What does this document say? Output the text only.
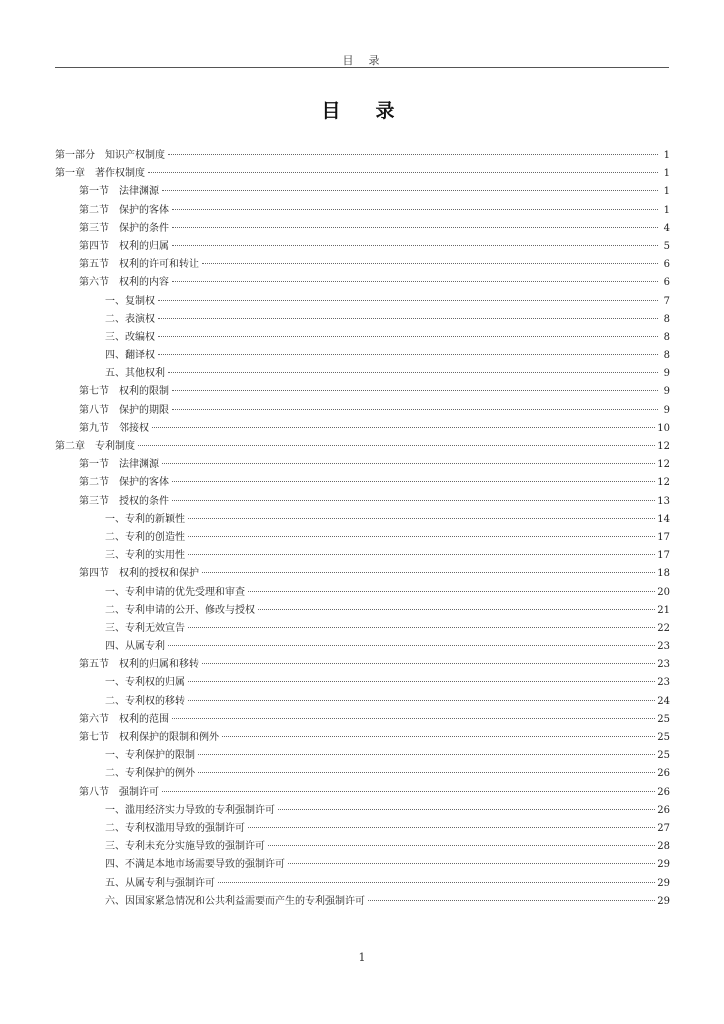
目　录
目　录
第一部分　知识产权制度	1
第一章　著作权制度	1
第一节　法律渊源	1
第二节　保护的客体	1
第三节　保护的条件	4
第四节　权利的归属	5
第五节　权利的许可和转让	6
第六节　权利的内容	6
一、复制权	7
二、表演权	8
三、改编权	8
四、翻译权	8
五、其他权利	9
第七节　权利的限制	9
第八节　保护的期限	9
第九节　邻接权	10
第二章　专利制度	12
第一节　法律渊源	12
第二节　保护的客体	12
第三节　授权的条件	13
一、专利的新颖性	14
二、专利的创造性	17
三、专利的实用性	17
第四节　权利的授权和保护	18
一、专利申请的优先受理和审查	20
二、专利申请的公开、修改与授权	21
三、专利无效宣告	22
四、从属专利	23
第五节　权利的归属和移转	23
一、专利权的归属	23
二、专利权的移转	24
第六节　权利的范围	25
第七节　权利保护的限制和例外	25
一、专利保护的限制	25
二、专利保护的例外	26
第八节　强制许可	26
一、滥用经济实力导致的专利强制许可	26
二、专利权滥用导致的强制许可	27
三、专利未充分实施导致的强制许可	28
四、不满足本地市场需要导致的强制许可	29
五、从属专利与强制许可	29
六、因国家紧急情况和公共利益需要而产生的专利强制许可	29
1
